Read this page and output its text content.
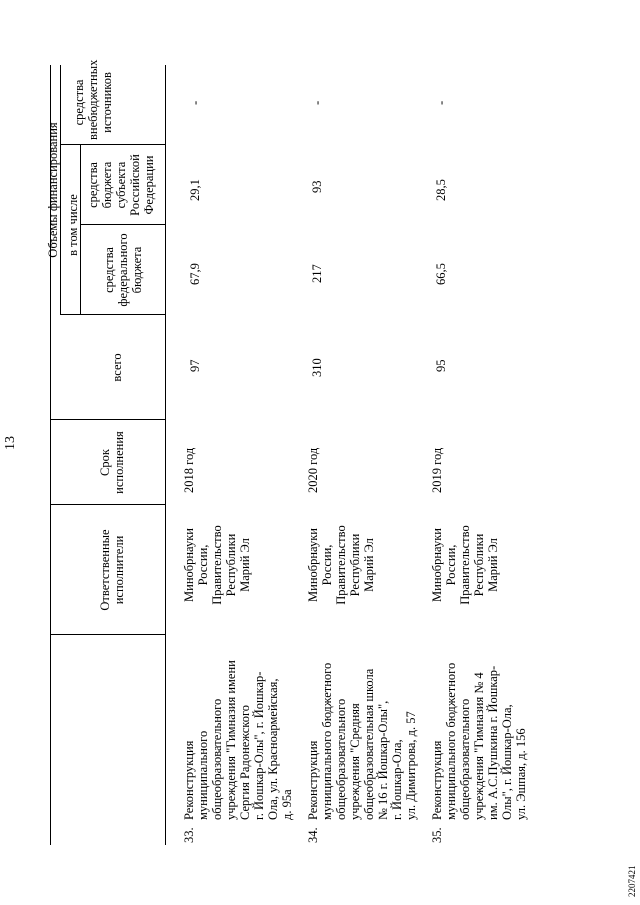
13
Ответственные
исполнители
Срок
исполнения
Объемы финансирования
всего
в том числе
средства
федерального
бюджета
средства
бюджета
субъекта
Российской
Федерации
средства
внебюджетных
источников
33.
Реконструкция
муниципального
общеобразовательного
учреждения "Гимназия имени
Сергия Радонежского
г. Йошкар-Олы", г. Йошкар-
Ола, ул. Красноармейская,
д. 95а
Минобрнауки
России,
Правительство
Республики
Марий Эл
2018 год
97
67,9
29,1
-
34.
Реконструкция
муниципального бюджетного
общеобразовательного
учреждения "Средняя
общеобразовательная школа
№ 16 г. Йошкар-Олы",
г. Йошкар-Ола,
ул. Димитрова, д. 57
Минобрнауки
России,
Правительство
Республики
Марий Эл
2020 год
310
217
93
-
35.
Реконструкция
муниципального бюджетного
общеобразовательного
учреждения "Гимназия № 4
им. А.С.Пушкина г. Йошкар-
Олы", г. Йошкар-Ола,
ул. Эшпая, д. 156
Минобрнауки
России,
Правительство
Республики
Марий Эл
2019 год
95
66,5
28,5
-
2207421
